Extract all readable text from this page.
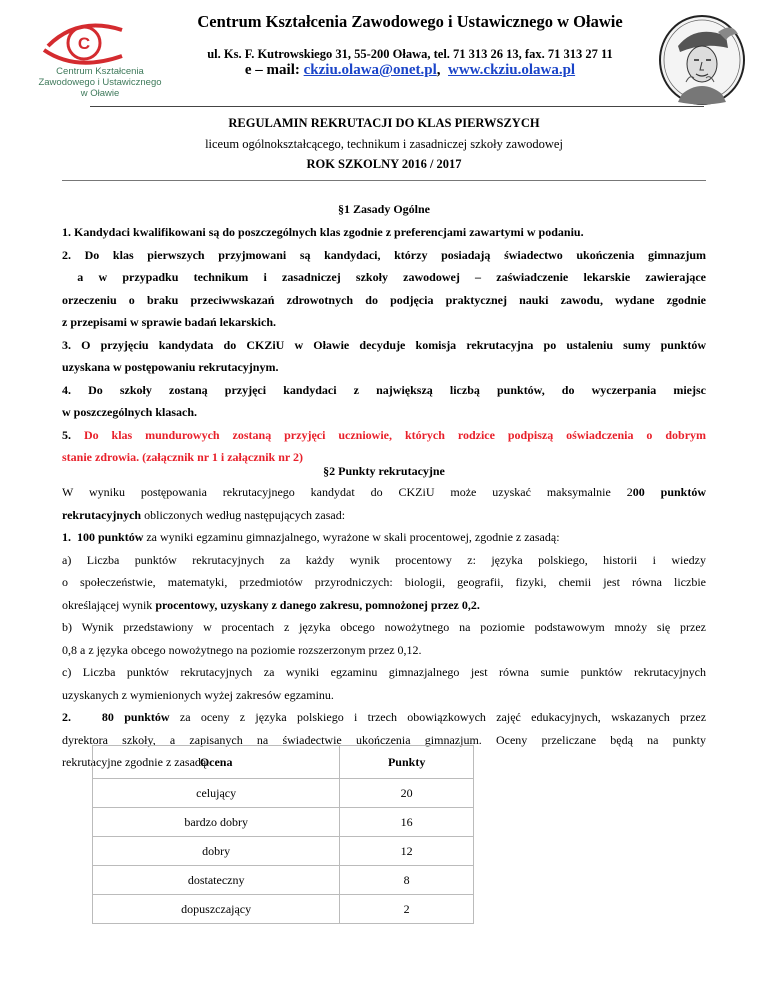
C
Centrum Kształcenia
Zawodowego i Ustawicznego
w Oławie
Centrum Kształcenia Zawodowego i Ustawicznego w Oławie
ul. Ks. F. Kutrowskiego 31, 55-200 Oława, tel. 71 313 26 13, fax. 71 313 27 11
e – mail: ckziu.olawa@onet.pl, www.ckziu.olawa.pl
REGULAMIN REKRUTACJI DO KLAS PIERWSZYCH
liceum ogólnokształcącego, technikum i zasadniczej szkoły zawodowej
ROK SZKOLNY 2016 / 2017
§1 Zasady Ogólne
1. Kandydaci kwalifikowani są do poszczególnych klas zgodnie z preferencjami zawartymi w podaniu.
2. Do klas pierwszych przyjmowani są kandydaci, którzy posiadają świadectwo ukończenia gimnazjum
a w przypadku technikum i zasadniczej szkoły zawodowej – zaświadczenie lekarskie zawierające
orzeczeniu o braku przeciwwskazań zdrowotnych do podjęcia praktycznej nauki zawodu, wydane zgodnie
z przepisami w sprawie badań lekarskich.
3. O przyjęciu kandydata do CKZiU w Oławie decyduje komisja rekrutacyjna po ustaleniu sumy punktów
uzyskana w postępowaniu rekrutacyjnym.
4. Do szkoły zostaną przyjęci kandydaci z największą liczbą punktów, do wyczerpania miejsc
w poszczególnych klasach.
5. Do klas mundurowych zostaną przyjęci uczniowie, których rodzice podpiszą oświadczenia o dobrym
stanie zdrowia. (załącznik nr 1 i załącznik nr 2)
§2 Punkty rekrutacyjne
W wyniku postępowania rekrutacyjnego kandydat do CKZiU może uzyskać maksymalnie 200 punktów
rekrutacyjnych obliczonych według następujących zasad:
1.  100 punktów za wyniki egzaminu gimnazjalnego, wyrażone w skali procentowej, zgodnie z zasadą:
a) Liczba punktów rekrutacyjnych za każdy wynik procentowy z: języka polskiego, historii i wiedzy
o społeczeństwie, matematyki, przedmiotów przyrodniczych: biologii, geografii, fizyki, chemii jest równa liczbie
określającej wynik procentowy, uzyskany z danego zakresu, pomnożonej przez 0,2.
b) Wynik przedstawiony w procentach z języka obcego nowożytnego na poziomie podstawowym mnoży się przez
0,8 a z języka obcego nowożytnego na poziomie rozszerzonym przez 0,12.
c) Liczba punktów rekrutacyjnych za wyniki egzaminu gimnazjalnego jest równa sumie punktów rekrutacyjnych
uzyskanych z wymienionych wyżej zakresów egzaminu.
2.   80 punktów za oceny z języka polskiego i trzech obowiązkowych zajęć edukacyjnych, wskazanych przez
dyrektora szkoły, a zapisanych na świadectwie ukończenia gimnazjum. Oceny przeliczane będą na punkty
rekrutacyjne zgodnie z zasadą:
Ocena	Punkty
celujący	20
bardzo dobry	16
dobry	12
dostateczny	8
dopuszczający	2
